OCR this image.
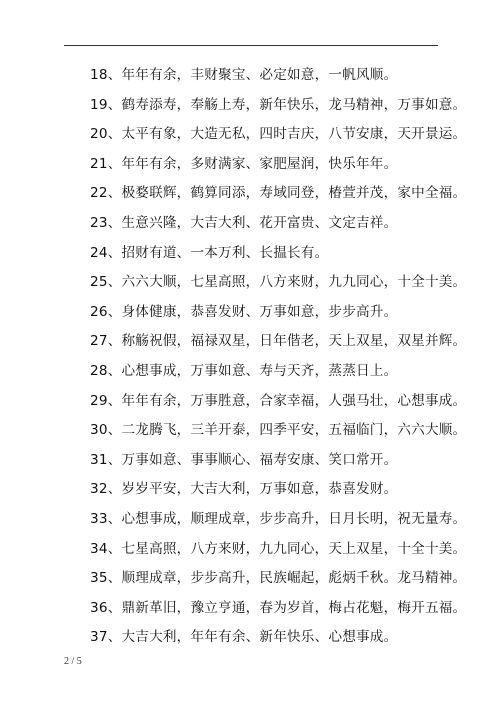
18、年年有余，丰财聚宝、必定如意，一帆风顺。
19、鹤寿添寿，奉觞上寿，新年快乐，龙马精神，万事如意。
20、太平有象，大造无私，四时吉庆，八节安康，天开景运。
21、年年有余，多财满家、家肥屋润，快乐年年。
22、极婺联辉，鹤算同添，寿域同登，椿萱并茂，家中全福。
23、生意兴隆，大吉大利、花开富贵、文定吉祥。
24、招财有道、一本万利、长揾长有。
25、六六大顺，七星高照，八方来财，九九同心，十全十美。
26、身体健康，恭喜发财、万事如意，步步高升。
27、称觞祝假，福禄双星，日年偕老，天上双星，双星并辉。
28、心想事成，万事如意、寿与天齐，蒸蒸日上。
29、年年有余，万事胜意，合家幸福，人强马壮，心想事成。
30、二龙腾飞，三羊开泰，四季平安，五福临门，六六大顺。
31、万事如意、事事顺心、福寿安康、笑口常开。
32、岁岁平安，大吉大利，万事如意，恭喜发财。
33、心想事成，顺理成章，步步高升，日月长明，祝无量寿。
34、七星高照，八方来财，九九同心，天上双星，十全十美。
35、顺理成章，步步高升，民族崛起，彪炳千秋。龙马精神。
36、鼎新革旧，豫立亨通，春为岁首，梅占花魁，梅开五福。
37、大吉大利，年年有余、新年快乐、心想事成。
2 / 5
